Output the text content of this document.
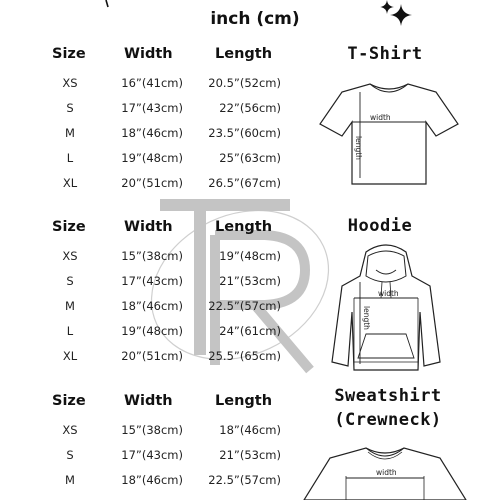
inch (cm)
Size	Width	Length
XS	16”(41cm)	20.5”(52cm)
S	17”(43cm)	22”(56cm)
M	18”(46cm)	23.5”(60cm)
L	19”(48cm)	25”(63cm)
XL	20”(51cm)	26.5”(67cm)
Size	Width	Length
XS	15”(38cm)	19”(48cm)
S	17”(43cm)	21”(53cm)
M	18”(46cm)	22.5”(57cm)
L	19”(48cm)	24”(61cm)
XL	20”(51cm)	25.5”(65cm)
Size	Width	Length
XS	15”(38cm)	18”(46cm)
S	17”(43cm)	21”(53cm)
M	18”(46cm)	22.5”(57cm)
T-Shirt
width
length
Hoodie
width
length
Sweatshirt
(Crewneck)
width
